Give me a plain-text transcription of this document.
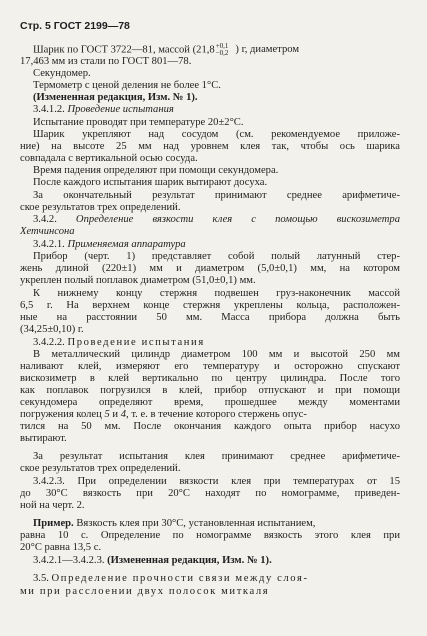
Стр. 5 ГОСТ 2199—78
Шарик по ГОСТ 3722—81, массой (21,8 +0,1
−0,2 ) г, диаметром
17,463 мм из стали по ГОСТ 801—78.
Секундомер.
Термометр с ценой деления не более 1°С.
(Измененная редакция, Изм. № 1).
3.4.1.2. Проведение испытания
Испытание проводят при температуре 20±2°С.
Шарик укрепляют над сосудом (см. рекомендуемое приложе-
ние) на высоте 25 мм над уровнем клея так, чтобы ось шарика
совпадала с вертикальной осью сосуда.
Время падения определяют при помощи секундомера.
После каждого испытания шарик вытирают досуха.
За окончательный результат принимают среднее арифметиче-
ское результатов трех определений.
3.4.2. Определение вязкости клея с помощью вискозиметра
Хетчинсона
3.4.2.1. Применяемая аппаратура
Прибор (черт. 1) представляет собой полый латунный стер-
жень длиной (220±1) мм и диаметром (5,0±0,1) мм, на котором
укреплен полый поплавок диаметром (51,0±0,1) мм.
К нижнему концу стержня подвешен груз-наконечник массой
6,5 г. На верхнем конце стержня укреплены кольца, расположен-
ные на расстоянии 50 мм. Масса прибора должна быть
(34,25±0,10) г.
3.4.2.2. Проведение испытания
В металлический цилиндр диаметром 100 мм и высотой 250 мм
наливают клей, измеряют его температуру и осторожно спускают
вискозиметр в клей вертикально по центру цилиндра. После того
как поплавок погрузился в клей, прибор отпускают и при помощи
секундомера определяют время, прошедшее между моментами
погружения колец 5 и 4, т. е. в течение которого стержень опус-
тился на 50 мм. После окончания каждого опыта прибор насухо
вытирают.
За результат испытания клея принимают среднее арифметиче-
ское результатов трех определений.
3.4.2.3. При определении вязкости клея при температурах от 15
до 30°С вязкость при 20°С находят по номограмме, приведен-
ной на черт. 2.
Пример. Вязкость клея при 30°С, установленная испытанием,
равна 10 с. Определение по номограмме вязкость этого клея при
20°С равна 13,5 с.
3.4.2.1—3.4.2.3. (Измененная редакция, Изм. № 1).
3.5. Определение прочности связи между слоя-
ми при расслоении двух полосок миткаля
